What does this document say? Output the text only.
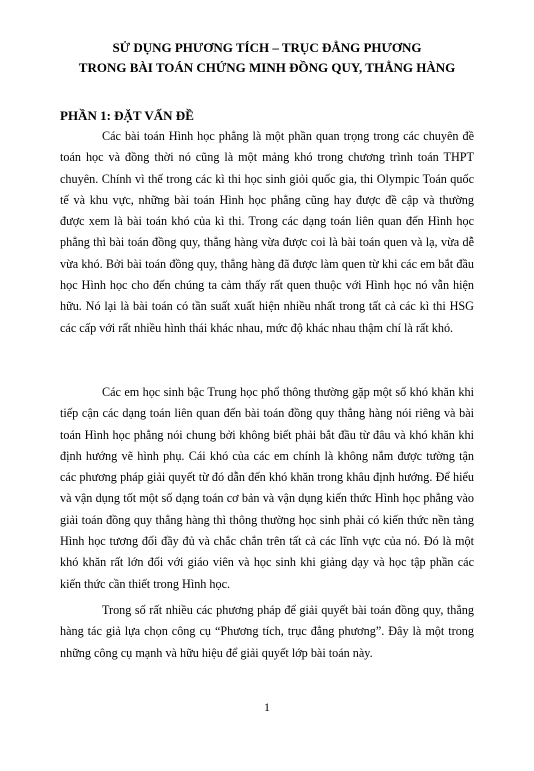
SỬ DỤNG PHƯƠNG TÍCH – TRỤC ĐẲNG PHƯƠNG

TRONG BÀI TOÁN CHỨNG MINH ĐỒNG QUY, THẲNG HÀNG

PHẦN 1: ĐẶT VẤN ĐỀ

Các bài toán Hình học phẳng là một phần quan trọng trong các chuyên đề toán học và đồng thời nó cũng là một mảng khó trong chương trình toán THPT chuyên. Chính vì thế trong các kì thi học sinh giỏi quốc gia, thi Olympic Toán quốc tế và khu vực, những bài toán Hình học phẳng cũng hay được đề cập và thường được xem là bài toán khó của kì thi. Trong các dạng toán liên quan đến Hình học phẳng thì bài toán đồng quy, thẳng hàng vừa được coi là bài toán quen và lạ, vừa dễ vừa khó. Bởi bài toán đồng quy, thẳng hàng đã được làm quen từ khi các em bắt đầu học Hình học cho đến chúng ta cảm thấy rất quen thuộc với Hình học nó vẫn hiện hữu. Nó lại là bài toán có tần suất xuất hiện nhiều nhất trong tất cả các kì thi HSG các cấp với rất nhiều hình thái khác nhau, mức độ khác nhau thậm chí là rất khó.

Các em học sinh bậc Trung học phổ thông thường gặp một số khó khăn khi tiếp cận các dạng toán liên quan đến bài toán đồng quy thẳng hàng nói riêng và bài toán Hình học phẳng nói chung bởi không biết phải bắt đầu từ đâu và khó khăn khi định hướng vẽ hình phụ. Cái khó của các em chính là không nắm được tường tận các phương pháp giải quyết từ đó dẫn đến khó khăn trong khâu định hướng. Để hiểu và vận dụng tốt một số dạng toán cơ bản và vận dụng kiến thức Hình học phẳng vào giải toán đồng quy thẳng hàng thì thông thường học sinh phải có kiến thức nền tảng Hình học tương đối đầy đủ và chắc chắn trên tất cả các lĩnh vực của nó. Đó là một khó khăn rất lớn đối với giáo viên và học sinh khi giảng dạy và học tập phần các kiến thức cần thiết trong Hình học.

Trong số rất nhiều các phương pháp để giải quyết bài toán đồng quy, thẳng hàng tác giả lựa chọn công cụ “Phương tích, trục đẳng phương”. Đây là một trong những công cụ mạnh và hữu hiệu để giải quyết lớp bài toán này.

1
